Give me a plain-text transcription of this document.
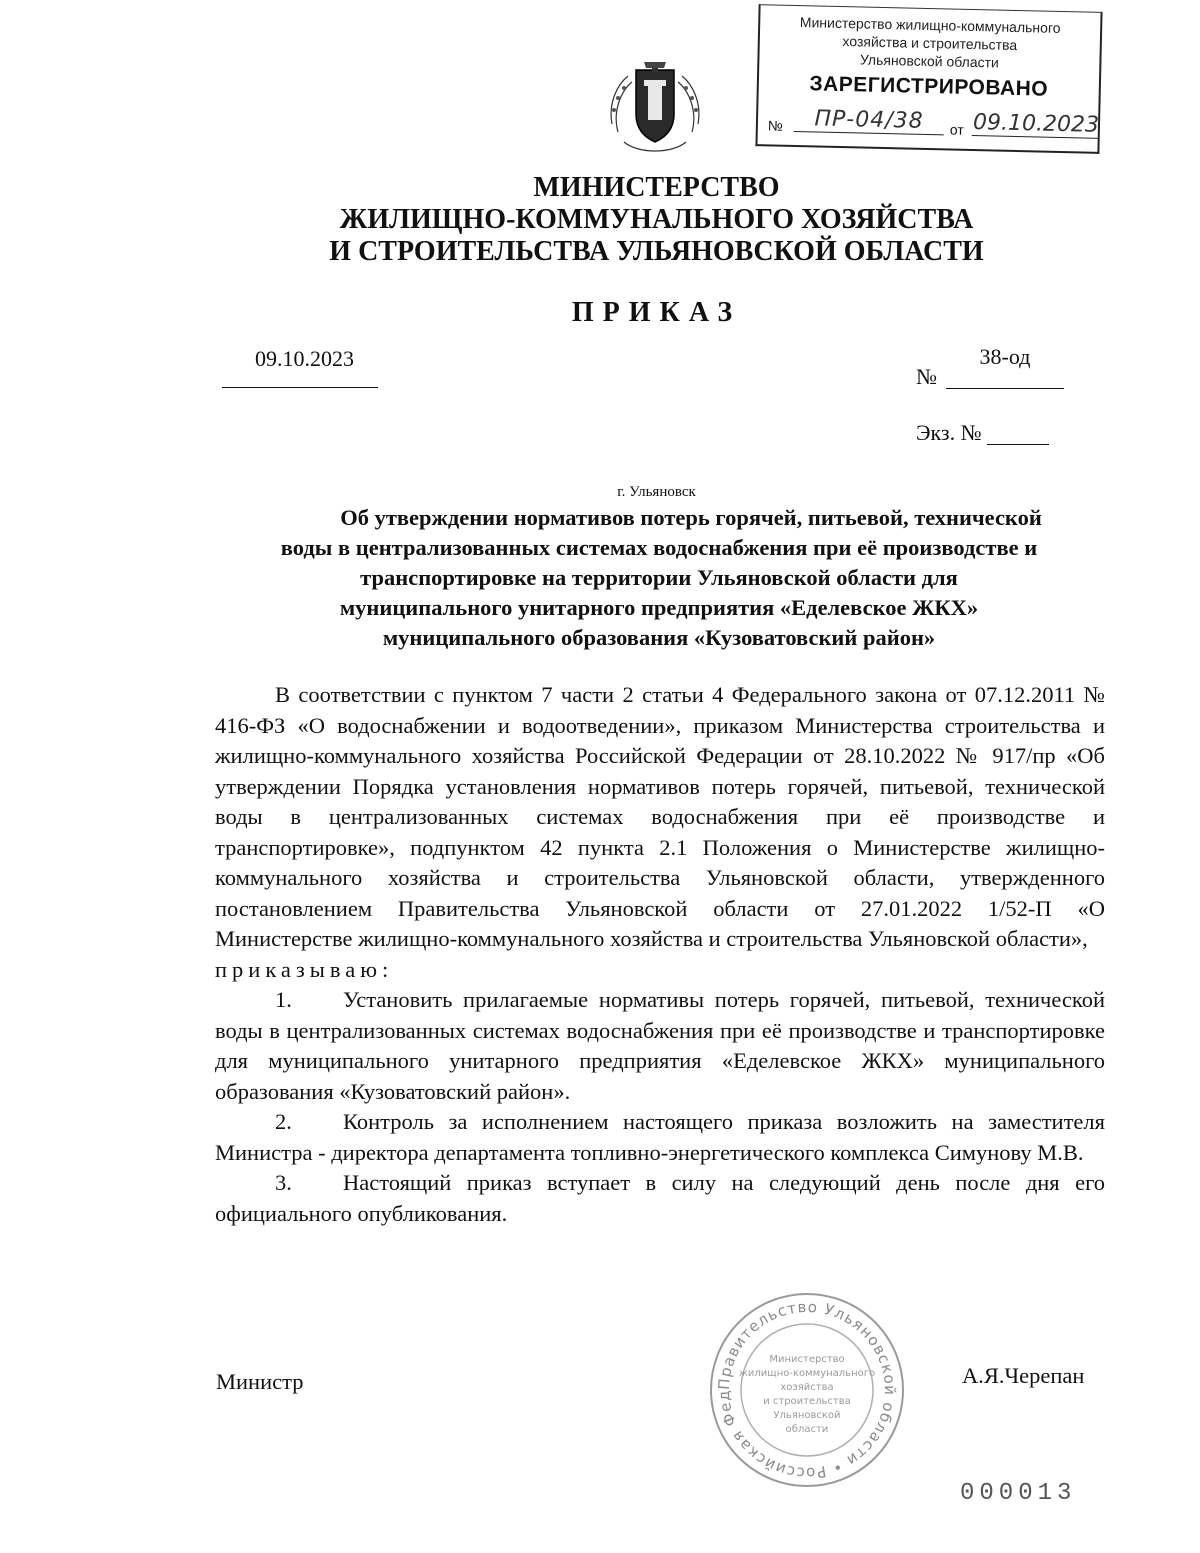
Министерство жилищно-коммунального
хозяйства и строительства
Ульяновской области
ЗАРЕГИСТРИРОВАНО
№	ПР-04/38	от 09.10.2023
МИНИСТЕРСТВО
ЖИЛИЩНО-КОММУНАЛЬНОГО ХОЗЯЙСТВА
И СТРОИТЕЛЬСТВА УЛЬЯНОВСКОЙ ОБЛАСТИ
ПРИКАЗ
09.10.2023
№
38-од
Экз. №
г. Ульяновск
Об утверждении нормативов потерь горячей, питьевой, технической
воды в централизованных системах водоснабжения при её производстве и
транспортировке на территории Ульяновской области для
муниципального унитарного предприятия «Еделевское ЖКХ»
муниципального образования «Кузоватовский район»

В соответствии с пунктом 7 части 2 статьи 4 Федерального закона от 07.12.2011 № 416-ФЗ «О водоснабжении и водоотведении», приказом Министерства строительства и жилищно-коммунального хозяйства Российской Федерации от 28.10.2022 № 917/пр «Об утверждении Порядка установления нормативов потерь горячей, питьевой, технической воды в централизованных системах водоснабжения при её производстве и транспортировке», подпунктом 42 пункта 2.1 Положения о Министерстве жилищно-коммунального хозяйства и строительства Ульяновской области, утвержденного постановлением Правительства Ульяновской области от 27.01.2022 1/52-П «О Министерстве жилищно-коммунального хозяйства и строительства Ульяновской области»,

приказываю:

1. Установить прилагаемые нормативы потерь горячей, питьевой, технической воды в централизованных системах водоснабжения при её производстве и транспортировке для муниципального унитарного предприятия «Еделевское ЖКХ» муниципального образования «Кузоватовский район».

2. Контроль за исполнением настоящего приказа возложить на заместителя Министра - директора департамента топливно-энергетического комплекса Симунову М.В.

3. Настоящий приказ вступает в силу на следующий день после дня его официального опубликования.

Министр	А.Я.Черепан
Правительство Ульяновской области • Российская Фед
Министерство
жилищно-коммунального
хозяйства
и строительства
Ульяновской
области
000013
